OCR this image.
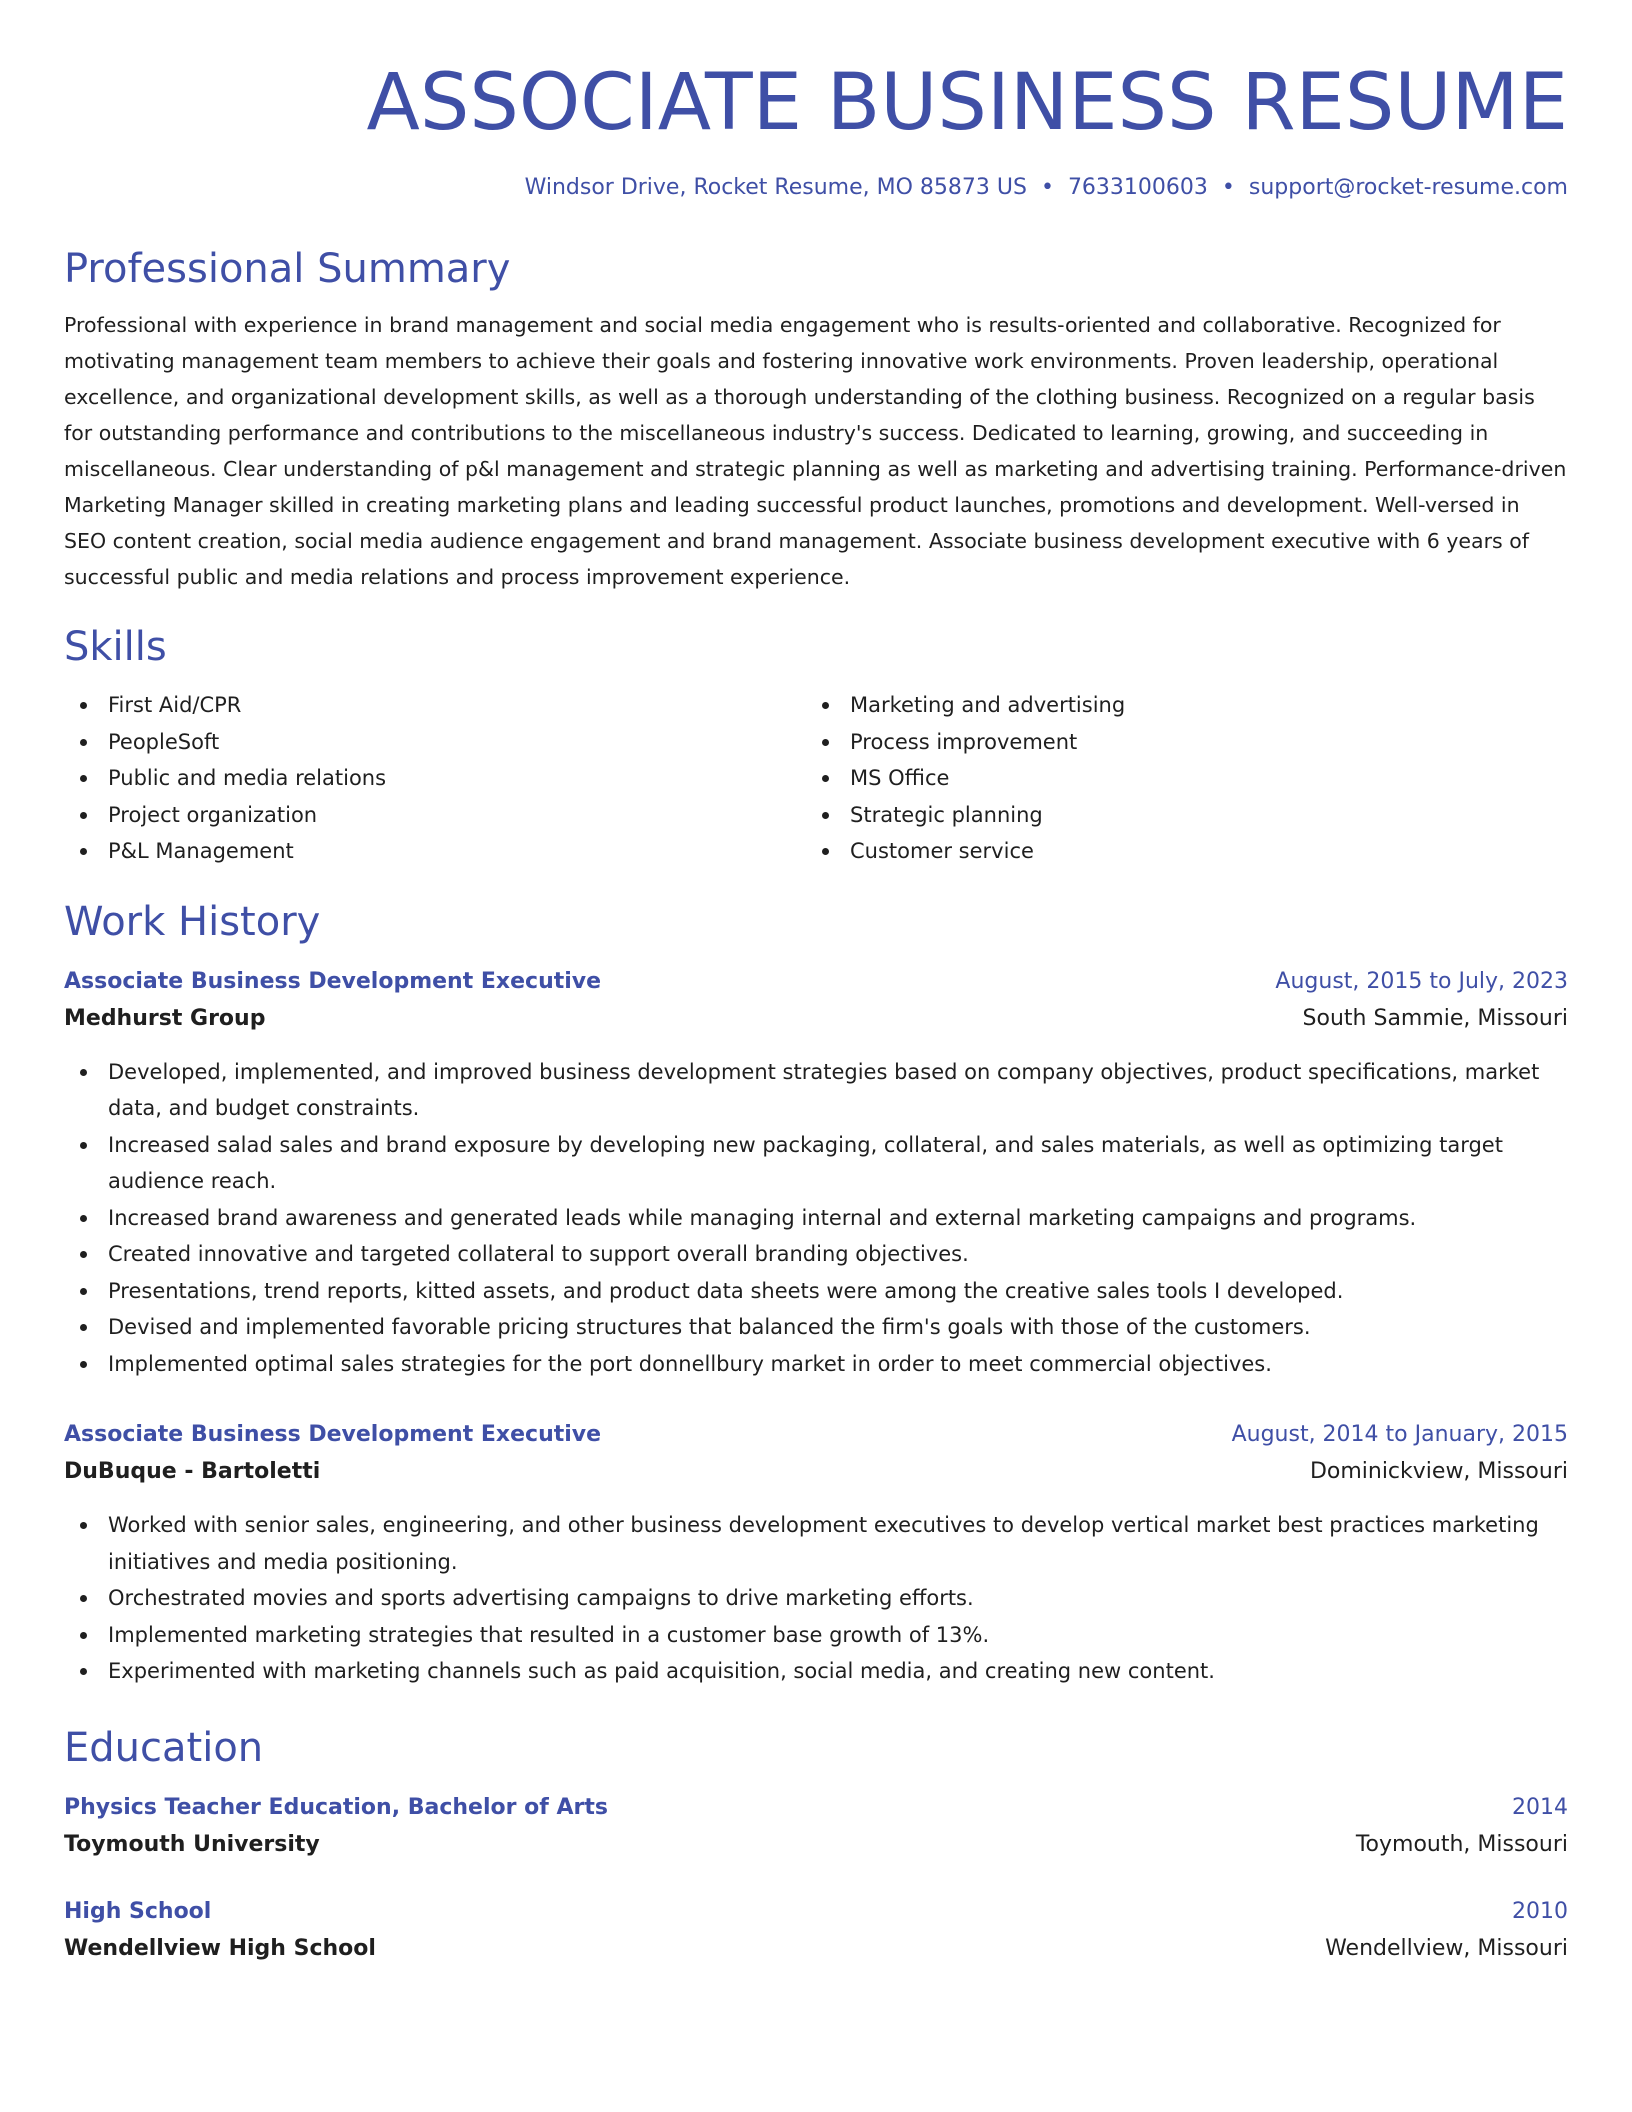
ASSOCIATE BUSINESS RESUME
Windsor Drive, Rocket Resume, MO 85873 US • 7633100603 • support@rocket-resume.com
Professional Summary

Professional with experience in brand management and social media engagement who is results-oriented and collaborative. Recognized for motivating management team members to achieve their goals and fostering innovative work environments. Proven leadership, operational excellence, and organizational development skills, as well as a thorough understanding of the clothing business. Recognized on a regular basis for outstanding performance and contributions to the miscellaneous industry's success. Dedicated to learning, growing, and succeeding in miscellaneous. Clear understanding of p&l management and strategic planning as well as marketing and advertising training. Performance-driven Marketing Manager skilled in creating marketing plans and leading successful product launches, promotions and development. Well-versed in SEO content creation, social media audience engagement and brand management. Associate business development executive with 6 years of successful public and media relations and process improvement experience.

Skills
First Aid/CPR
PeopleSoft
Public and media relations
Project organization
P&L Management
Marketing and advertising
Process improvement
MS Office
Strategic planning
Customer service
Work History
Associate Business Development Executive	August, 2015 to July, 2023
Medhurst Group	South Sammie, Missouri
Developed, implemented, and improved business development strategies based on company objectives, product specifications, market data, and budget constraints.
Increased salad sales and brand exposure by developing new packaging, collateral, and sales materials, as well as optimizing target audience reach.
Increased brand awareness and generated leads while managing internal and external marketing campaigns and programs.
Created innovative and targeted collateral to support overall branding objectives.
Presentations, trend reports, kitted assets, and product data sheets were among the creative sales tools I developed.
Devised and implemented favorable pricing structures that balanced the firm's goals with those of the customers.
Implemented optimal sales strategies for the port donnellbury market in order to meet commercial objectives.
Associate Business Development Executive	August, 2014 to January, 2015
DuBuque - Bartoletti	Dominickview, Missouri
Worked with senior sales, engineering, and other business development executives to develop vertical market best practices marketing initiatives and media positioning.
Orchestrated movies and sports advertising campaigns to drive marketing efforts.
Implemented marketing strategies that resulted in a customer base growth of 13%.
Experimented with marketing channels such as paid acquisition, social media, and creating new content.
Education
Physics Teacher Education, Bachelor of Arts	2014
Toymouth University	Toymouth, Missouri
High School	2010
Wendellview High School	Wendellview, Missouri
